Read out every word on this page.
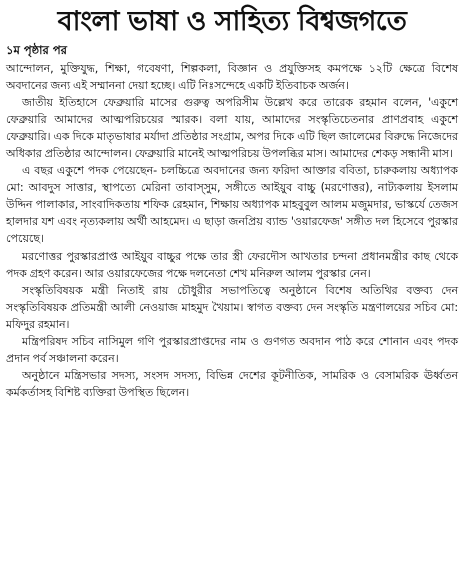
বাংলা ভাষা ও সাহিত্য বিশ্বজগতে
১ম পৃষ্ঠার পর

আন্দোলন, মুক্তিযুদ্ধ, শিক্ষা, গবেষণা, শিল্পকলা, বিজ্ঞান ও প্রযুক্তিসহ কমপক্ষে ১২টি ক্ষেত্রে বিশেষ অবদানের জন্য এই সম্মাননা দেয়া হচ্ছে। এটি নিঃসন্দেহে একটি ইতিবাচক অর্জন।

জাতীয় ইতিহাসে ফেব্রুয়ারি মাসের গুরুত্ব অপরিসীম উল্লেখ করে তারেক রহমান বলেন, 'একুশে ফেব্রুয়ারি আমাদের আত্মপরিচয়ের স্মারক। বলা যায়, আমাদের সংস্কৃতিচেতনার প্রাণপ্রবাহ একুশে ফেব্রুয়ারি। এক দিকে মাতৃভাষার মর্যাদা প্রতিষ্ঠার সংগ্রাম, অপর দিকে এটি ছিল জালেমের বিরুদ্ধে নিজেদের অধিকার প্রতিষ্ঠার আন্দোলন। ফেব্রুয়ারি মানেই আত্মপরিচয় উপলব্ধির মাস। আমাদের শেকড় সন্ধানী মাস।

এ বছর একুশে পদক পেয়েছেন- চলচ্চিত্রে অবদানের জন্য ফরিদা আক্তার ববিতা, চারুকলায় অধ্যাপক মো: আবদুস সাত্তার, স্থাপত্যে মেরিনা তাবাস্সুম, সঙ্গীতে আইয়ুব বাচ্চু (মরণোত্তর), নাট্যকলায় ইসলাম উদ্দিন পালাকার, সাংবাদিকতায় শফিক রেহমান, শিক্ষায় অধ্যাপক মাহবুবুল আলম মজুমদার, ভাস্কর্যে তেজস হালদার যশ এবং নৃত্যকলায় অর্থী আহমেদ। এ ছাড়া জনপ্রিয় ব্যান্ড 'ওয়ারফেজ' সঙ্গীত দল হিসেবে পুরস্কার পেয়েছে।

মরণোত্তর পুরস্কারপ্রাপ্ত আইয়ুব বাচ্চুর পক্ষে তার স্ত্রী ফেরদৌস আখতার চন্দনা প্রধানমন্ত্রীর কাছ থেকে পদক গ্রহণ করেন। আর ওয়ারফেজের পক্ষে দলনেতা শেখ মনিরুল আলম পুরস্কার নেন।

সংস্কৃতিবিষয়ক মন্ত্রী নিতাই রায় চৌধুরীর সভাপতিত্বে অনুষ্ঠানে বিশেষ অতিথির বক্তব্য দেন সংস্কৃতিবিষয়ক প্রতিমন্ত্রী আলী নেওয়াজ মাহমুদ খৈয়াম। স্বাগত বক্তব্য দেন সংস্কৃতি মন্ত্রণালয়ের সচিব মো: মফিদুর রহমান।

মন্ত্রিপরিষদ সচিব নাসিমুল গণি পুরস্কারপ্রাপ্তদের নাম ও গুণগত অবদান পাঠ করে শোনান এবং পদক প্রদান পর্ব সঞ্চালনা করেন।

অনুষ্ঠানে মন্ত্রিসভার সদস্য, সংসদ সদস্য, বিভিন্ন দেশের কূটনীতিক, সামরিক ও বেসামরিক ঊর্ধ্বতন কর্মকর্তাসহ বিশিষ্ট ব্যক্তিরা উপস্থিত ছিলেন।
